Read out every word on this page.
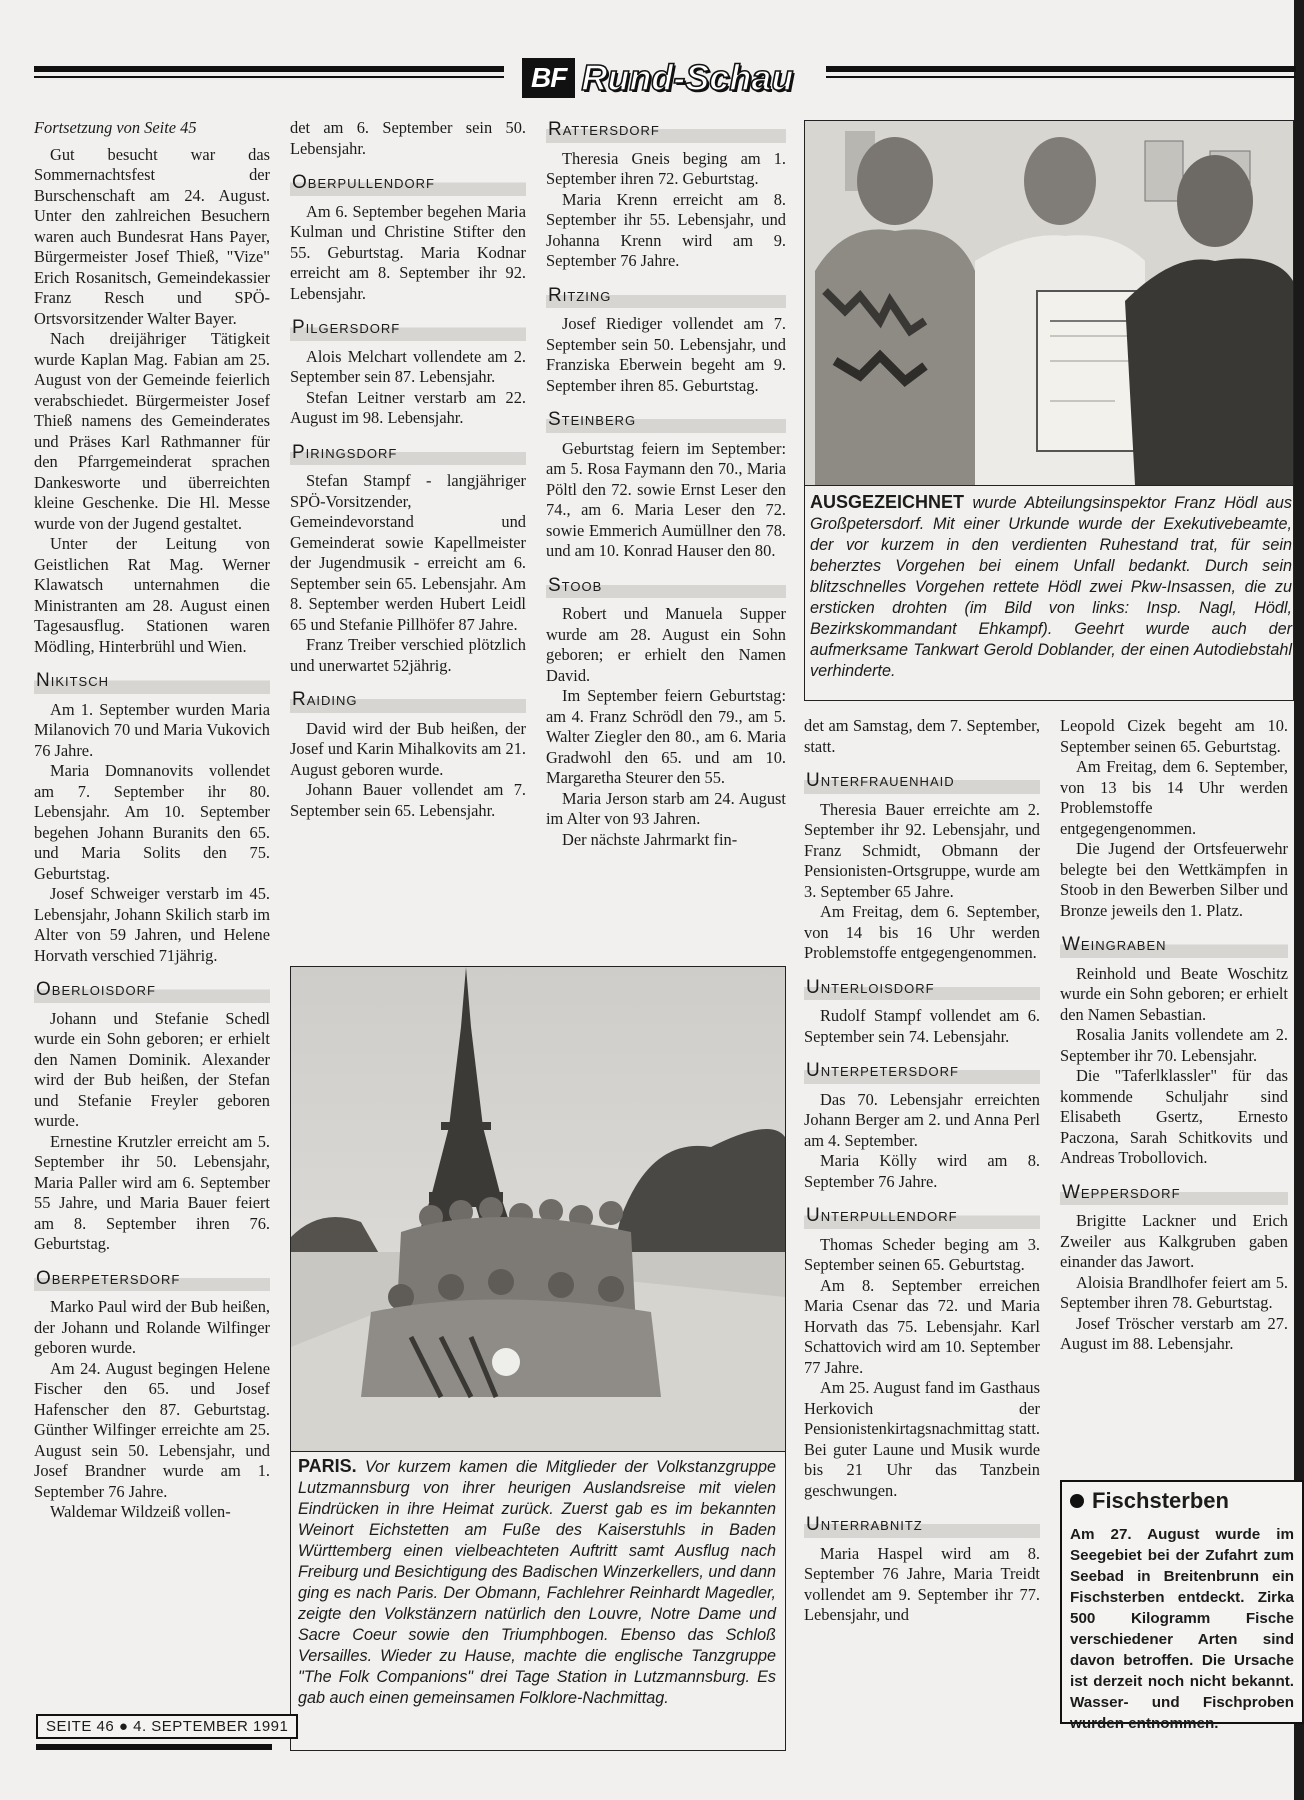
BF Rund-Schau

Fortsetzung von Seite 45

Gut besucht war das Sommernachtsfest der Burschenschaft am 24. August. Unter den zahlreichen Besuchern waren auch Bundesrat Hans Payer, Bürgermeister Josef Thieß, "Vize" Erich Rosanitsch, Gemeindekassier Franz Resch und SPÖ-Ortsvorsitzender Walter Bayer.

Nach dreijähriger Tätigkeit wurde Kaplan Mag. Fabian am 25. August von der Gemeinde feierlich verabschiedet. Bürgermeister Josef Thieß namens des Gemeinderates und Präses Karl Rathmanner für den Pfarrgemeinderat sprachen Dankesworte und überreichten kleine Geschenke. Die Hl. Messe wurde von der Jugend gestaltet.

Unter der Leitung von Geistlichen Rat Mag. Werner Klawatsch unternahmen die Ministranten am 28. August einen Tagesausflug. Stationen waren Mödling, Hinterbrühl und Wien.

Nikitsch

Am 1. September wurden Maria Milanovich 70 und Maria Vukovich 76 Jahre.

Maria Domnanovits vollendet am 7. September ihr 80. Lebensjahr. Am 10. September begehen Johann Buranits den 65. und Maria Solits den 75. Geburtstag.

Josef Schweiger verstarb im 45. Lebensjahr, Johann Skilich starb im Alter von 59 Jahren, und Helene Horvath verschied 71jährig.

Oberloisdorf

Johann und Stefanie Schedl wurde ein Sohn geboren; er erhielt den Namen Dominik. Alexander wird der Bub heißen, der Stefan und Stefanie Freyler geboren wurde.

Ernestine Krutzler erreicht am 5. September ihr 50. Lebensjahr, Maria Paller wird am 6. September 55 Jahre, und Maria Bauer feiert am 8. September ihren 76. Geburtstag.

Oberpetersdorf

Marko Paul wird der Bub heißen, der Johann und Rolande Wilfinger geboren wurde.

Am 24. August begingen Helene Fischer den 65. und Josef Hafenscher den 87. Geburtstag. Günther Wilfinger erreichte am 25. August sein 50. Lebensjahr, und Josef Brandner wurde am 1. September 76 Jahre.

Waldemar Wildzeiß vollen-

det am 6. September sein 50. Lebensjahr.

Oberpullendorf

Am 6. September begehen Maria Kulman und Christine Stifter den 55. Geburtstag. Maria Kodnar erreicht am 8. September ihr 92. Lebensjahr.

Pilgersdorf

Alois Melchart vollendete am 2. September sein 87. Lebensjahr.

Stefan Leitner verstarb am 22. August im 98. Lebensjahr.

Piringsdorf

Stefan Stampf - langjähriger SPÖ-Vorsitzender, Gemeindevorstand und Gemeinderat sowie Kapellmeister der Jugendmusik - erreicht am 6. September sein 65. Lebensjahr. Am 8. September werden Hubert Leidl 65 und Stefanie Pillhöfer 87 Jahre.

Franz Treiber verschied plötzlich und unerwartet 52jährig.

Raiding

David wird der Bub heißen, der Josef und Karin Mihalkovits am 21. August geboren wurde.

Johann Bauer vollendet am 7. September sein 65. Lebensjahr.

Rattersdorf

Theresia Gneis beging am 1. September ihren 72. Geburtstag.

Maria Krenn erreicht am 8. September ihr 55. Lebensjahr, und Johanna Krenn wird am 9. September 76 Jahre.

Ritzing

Josef Riediger vollendet am 7. September sein 50. Lebensjahr, und Franziska Eberwein begeht am 9. September ihren 85. Geburtstag.

Steinberg

Geburtstag feiern im September: am 5. Rosa Faymann den 70., Maria Pöltl den 72. sowie Ernst Leser den 74., am 6. Maria Leser den 72. sowie Emmerich Aumüllner den 78. und am 10. Konrad Hauser den 80.

Stoob

Robert und Manuela Supper wurde am 28. August ein Sohn geboren; er erhielt den Namen David.

Im September feiern Geburtstag: am 4. Franz Schrödl den 79., am 5. Walter Ziegler den 80., am 6. Maria Gradwohl den 65. und am 10. Margaretha Steurer den 55.

Maria Jerson starb am 24. August im Alter von 93 Jahren.

Der nächste Jahrmarkt fin-

AUSGEZEICHNET wurde Abteilungsinspektor Franz Hödl aus Großpetersdorf. Mit einer Urkunde wurde der Exekutivebeamte, der vor kurzem in den verdienten Ruhestand trat, für sein beherztes Vorgehen bei einem Unfall bedankt. Durch sein blitzschnelles Vorgehen rettete Hödl zwei Pkw-Insassen, die zu ersticken drohten (im Bild von links: Insp. Nagl, Hödl, Bezirkskommandant Ehkampf). Geehrt wurde auch der aufmerksame Tankwart Gerold Doblander, der einen Autodiebstahl verhinderte.
PARIS. Vor kurzem kamen die Mitglieder der Volkstanzgruppe Lutzmannsburg von ihrer heurigen Auslandsreise mit vielen Eindrücken in ihre Heimat zurück. Zuerst gab es im bekannten Weinort Eichstetten am Fuße des Kaiserstuhls in Baden Württemberg einen vielbeachteten Auftritt samt Ausflug nach Freiburg und Besichtigung des Badischen Winzerkellers, und dann ging es nach Paris. Der Obmann, Fachlehrer Reinhardt Magedler, zeigte den Volkstänzern natürlich den Louvre, Notre Dame und Sacre Coeur sowie den Triumphbogen. Ebenso das Schloß Versailles. Wieder zu Hause, machte die englische Tanzgruppe "The Folk Companions" drei Tage Station in Lutzmannsburg. Es gab auch einen gemeinsamen Folklore-Nachmittag.

det am Samstag, dem 7. September, statt.

Unterfrauenhaid

Theresia Bauer erreichte am 2. September ihr 92. Lebensjahr, und Franz Schmidt, Obmann der Pensionisten-Ortsgruppe, wurde am 3. September 65 Jahre.

Am Freitag, dem 6. September, von 14 bis 16 Uhr werden Problemstoffe entgegengenommen.

Unterloisdorf

Rudolf Stampf vollendet am 6. September sein 74. Lebensjahr.

Unterpetersdorf

Das 70. Lebensjahr erreichten Johann Berger am 2. und Anna Perl am 4. September.

Maria Kölly wird am 8. September 76 Jahre.

Unterpullendorf

Thomas Scheder beging am 3. September seinen 65. Geburtstag.

Am 8. September erreichen Maria Csenar das 72. und Maria Horvath das 75. Lebensjahr. Karl Schattovich wird am 10. September 77 Jahre.

Am 25. August fand im Gasthaus Herkovich der Pensionistenkirtagsnachmittag statt. Bei guter Laune und Musik wurde bis 21 Uhr das Tanzbein geschwungen.

Unterrabnitz

Maria Haspel wird am 8. September 76 Jahre, Maria Treidt vollendet am 9. September ihr 77. Lebensjahr, und

Leopold Cizek begeht am 10. September seinen 65. Geburtstag.

Am Freitag, dem 6. September, von 13 bis 14 Uhr werden Problemstoffe entgegengenommen.

Die Jugend der Ortsfeuerwehr belegte bei den Wettkämpfen in Stoob in den Bewerben Silber und Bronze jeweils den 1. Platz.

Weingraben

Reinhold und Beate Woschitz wurde ein Sohn geboren; er erhielt den Namen Sebastian.

Rosalia Janits vollendete am 2. September ihr 70. Lebensjahr.

Die "Taferlklassler" für das kommende Schuljahr sind Elisabeth Gsertz, Ernesto Paczona, Sarah Schitkovits und Andreas Trobollovich.

Weppersdorf

Brigitte Lackner und Erich Zweiler aus Kalkgruben gaben einander das Jawort.

Aloisia Brandlhofer feiert am 5. September ihren 78. Geburtstag.

Josef Tröscher verstarb am 27. August im 88. Lebensjahr.

Fischsterben
Am 27. August wurde im Seegebiet bei der Zufahrt zum Seebad in Breitenbrunn ein Fischsterben entdeckt. Zirka 500 Kilogramm Fische verschiedener Arten sind davon betroffen. Die Ursache ist derzeit noch nicht bekannt. Wasser- und Fischproben wurden entnommen.
SEITE 46 ● 4. SEPTEMBER 1991
